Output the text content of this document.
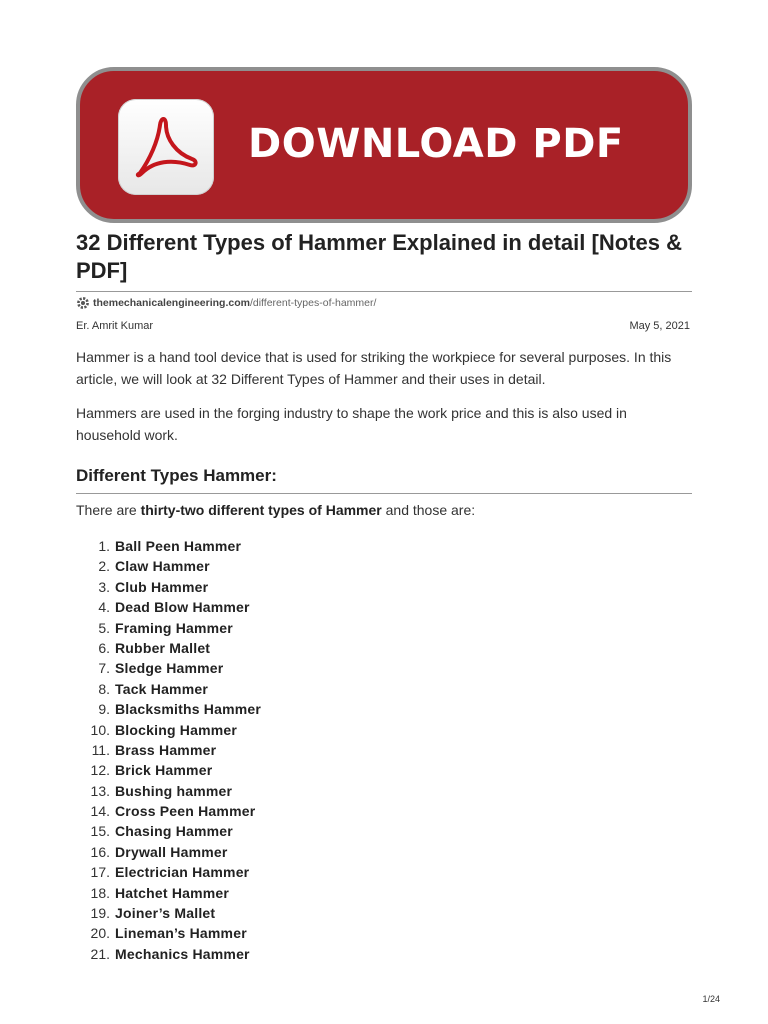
DOWNLOAD PDF
32 Different Types of Hammer Explained in detail [Notes & PDF]
themechanicalengineering.com /different-types-of-hammer/
Er. Amrit Kumar	May 5, 2021

Hammer is a hand tool device that is used for striking the workpiece for several purposes. In this article, we will look at 32 Different Types of Hammer and their uses in detail.

Hammers are used in the forging industry to shape the work price and this is also used in household work.

Different Types Hammer:

There are thirty-two different types of Hammer and those are:

1. Ball Peen Hammer
2. Claw Hammer
3. Club Hammer
4. Dead Blow Hammer
5. Framing Hammer
6. Rubber Mallet
7. Sledge Hammer
8. Tack Hammer
9. Blacksmiths Hammer
10. Blocking Hammer
11. Brass Hammer
12. Brick Hammer
13. Bushing hammer
14. Cross Peen Hammer
15. Chasing Hammer
16. Drywall Hammer
17. Electrician Hammer
18. Hatchet Hammer
19. Joiner’s Mallet
20. Lineman’s Hammer
21. Mechanics Hammer
1/24
